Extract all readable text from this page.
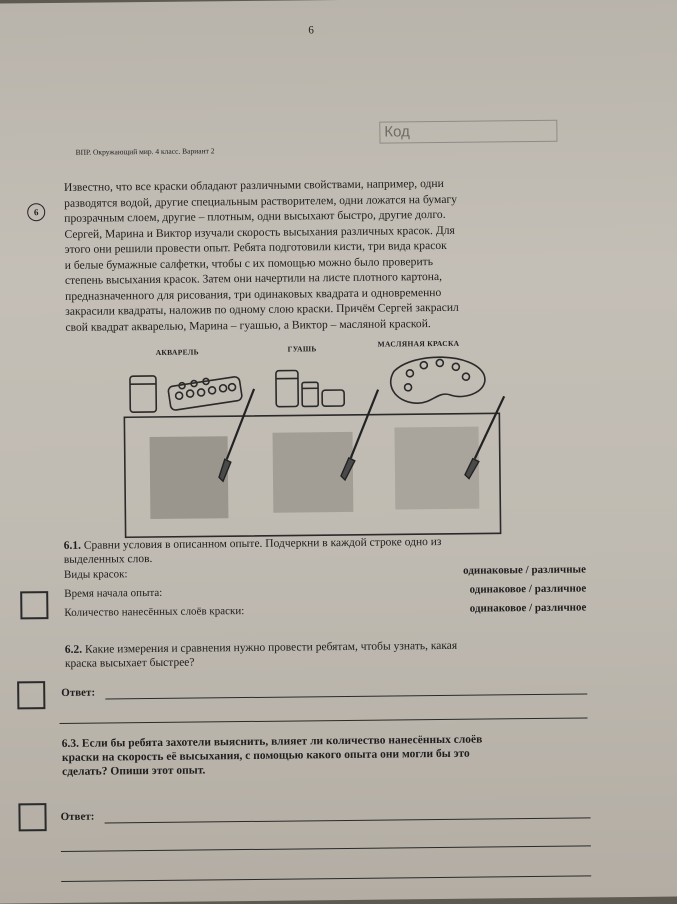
6
Код
ВПР. Окружающий мир. 4 класс. Вариант 2
6

Известно, что все краски обладают различными свойствами, например, одни

разводятся водой, другие специальным растворителем, одни ложатся на бумагу

прозрачным слоем, другие – плотным, одни высыхают быстро, другие долго.

Сергей, Марина и Виктор изучали скорость высыхания различных красок. Для

этого они решили провести опыт. Ребята подготовили кисти, три вида красок

и белые бумажные салфетки, чтобы с их помощью можно было проверить

степень высыхания красок. Затем они начертили на листе плотного картона,

предназначенного для рисования, три одинаковых квадрата и одновременно

закрасили квадраты, наложив по одному слою краски. Причём Сергей закрасил

свой квадрат акварелью, Марина – гуашью, а Виктор – масляной краской.

АКВАРЕЛЬ	ГУАШЬ
МАСЛЯНАЯ КРАСКА
6.1. Сравни условия в описанном опыте. Подчеркни в каждой строке одно из
выделенных слов.
Виды красок:	одинаковые / различные
Время начала опыта:	одинаковое / различное
Количество нанесённых слоёв краски:	одинаковое / различное
6.2. Какие измерения и сравнения нужно провести ребятам, чтобы узнать, какая
краска высыхает быстрее?
Ответ:
6.3. Если бы ребята захотели выяснить, влияет ли количество нанесённых слоёв
краски на скорость её высыхания, с помощью какого опыта они могли бы это
сделать? Опиши этот опыт.
Ответ:
